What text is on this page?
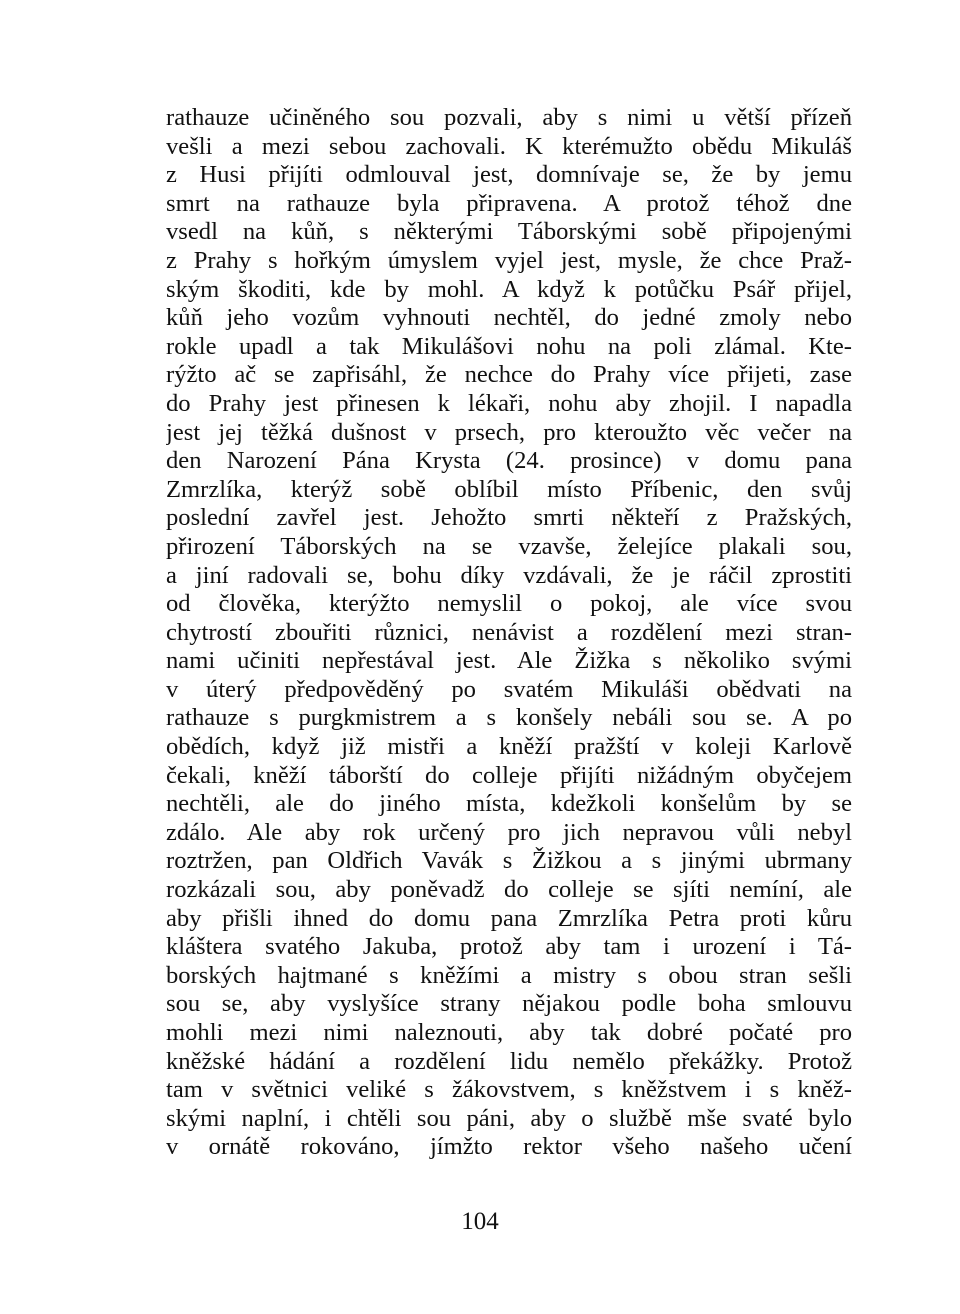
rathauze učiněného sou pozvali, aby s nimi u větší přízeň
vešli a mezi sebou zachovali. K kterémužto obědu Mikuláš
z Husi přijíti odmlouval jest, domnívaje se, že by jemu
smrt na rathauze byla připravena. A protož téhož dne
vsedl na kůň, s některými Táborskými sobě připojenými
z Prahy s hořkým úmyslem vyjel jest, mysle, že chce Praž-
ským škoditi, kde by mohl. A když k potůčku Psář přijel,
kůň jeho vozům vyhnouti nechtěl, do jedné zmoly nebo
rokle upadl a tak Mikulášovi nohu na poli zlámal. Kte-
rýžto ač se zapřisáhl, že nechce do Prahy více přijeti, zase
do Prahy jest přinesen k lékaři, nohu aby zhojil. I napadla
jest jej těžká dušnost v prsech, pro kteroužto věc večer na
den Narození Pána Krysta (24. prosince) v domu pana
Zmrzlíka, kterýž sobě oblíbil místo Příbenic, den svůj
poslední zavřel jest. Jehožto smrti někteří z Pražských,
přirození Táborských na se vzavše, želejíce plakali sou,
a jiní radovali se, bohu díky vzdávali, že je ráčil zprostiti
od člověka, kterýžto nemyslil o pokoj, ale více svou
chytrostí zbouřiti různici, nenávist a rozdělení mezi stran-
nami učiniti nepřestával jest. Ale Žižka s několiko svými
v úterý předpověděný po svatém Mikuláši obědvati na
rathauze s purgkmistrem a s konšely nebáli sou se. A po
obědích, když již mistři a kněží pražští v koleji Karlově
čekali, kněží táborští do colleje přijíti nižádným obyčejem
nechtěli, ale do jiného místa, kdežkoli konšelům by se
zdálo. Ale aby rok určený pro jich nepravou vůli nebyl
roztržen, pan Oldřich Vavák s Žižkou a s jinými ubrmany
rozkázali sou, aby poněvadž do colleje se sjíti nemíní, ale
aby přišli ihned do domu pana Zmrzlíka Petra proti kůru
kláštera svatého Jakuba, protož aby tam i urození i Tá-
borských hajtmané s kněžími a mistry s obou stran sešli
sou se, aby vyslyšíce strany nějakou podle boha smlouvu
mohli mezi nimi naleznouti, aby tak dobré počaté pro
kněžské hádání a rozdělení lidu nemělo překážky. Protož
tam v světnici veliké s žákovstvem, s kněžstvem i s kněž-
skými naplní, i chtěli sou páni, aby o službě mše svaté bylo
v ornátě rokováno, jímžto rektor všeho našeho učení
104
